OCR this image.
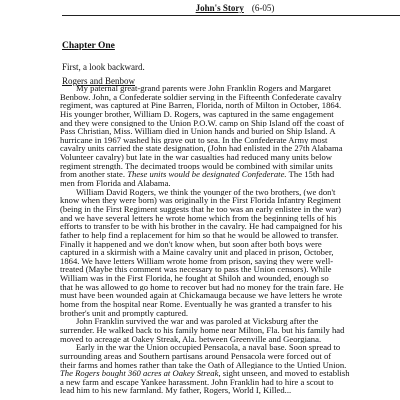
John's Story (6-05)
Chapter One
First, a look backward.
Rogers and Benbow
My paternal great-grand parents were John Franklin Rogers and Margaret
Benbow. John, a Confederate soldier serving in the Fifteenth Confederate cavalry
regiment, was captured at Pine Barren, Florida, north of Milton in October, 1864.
His younger brother, William D. Rogers, was captured in the same engagement
and they were consigned to the Union P.O.W. camp on Ship Island off the coast of
Pass Christian, Miss. William died in Union hands and buried on Ship Island. A
hurricane in 1967 washed his grave out to sea. In the Confederate Army most
cavalry units carried the state designation, (John had enlisted in the 27th Alabama
Volunteer cavalry) but late in the war casualties had reduced many units below
regiment strength. The decimated troops would be combined with similar units
from another state. These units would be designated Confederate. The 15th had
men from Florida and Alabama.
William David Rogers, we think the younger of the two brothers, (we don't
know when they were born) was originally in the First Florida Infantry Regiment
(being in the First Regiment suggests that he too was an early enlistee in the war)
and we have several letters he wrote home which from the beginning tells of his
efforts to transfer to be with his brother in the cavalry. He had campaigned for his
father to help find a replacement for him so that he would be allowed to transfer.
Finally it happened and we don't know when, but soon after both boys were
captured in a skirmish with a Maine cavalry unit and placed in prison, October,
1864. We have letters William wrote home from prison, saying they were well-
treated (Maybe this comment was necessary to pass the Union censors). While
William was in the First Florida, he fought at Shiloh and wounded, enough so
that he was allowed to go home to recover but had no money for the train fare. He
must have been wounded again at Chickamauga because we have letters he wrote
home from the hospital near Rome. Eventually he was granted a transfer to his
brother's unit and promptly captured.
John Franklin survived the war and was paroled at Vicksburg after the
surrender. He walked back to his family home near Milton, Fla. but his family had
moved to acreage at Oakey Streak, Ala. between Greenville and Georgiana.
Early in the war the Union occupied Pensacola, a naval base. Soon spread to
surrounding areas and Southern partisans around Pensacola were forced out of
their farms and homes rather than take the Oath of Allegiance to the Untied Union.
The Rogers bought 360 acres at Oakey Streak, sight unseen, and moved to establish
a new farm and escape Yankee harassment. John Franklin had to hire a scout to
lead him to his new farmland. My father, Rogers, World I, Killed...
